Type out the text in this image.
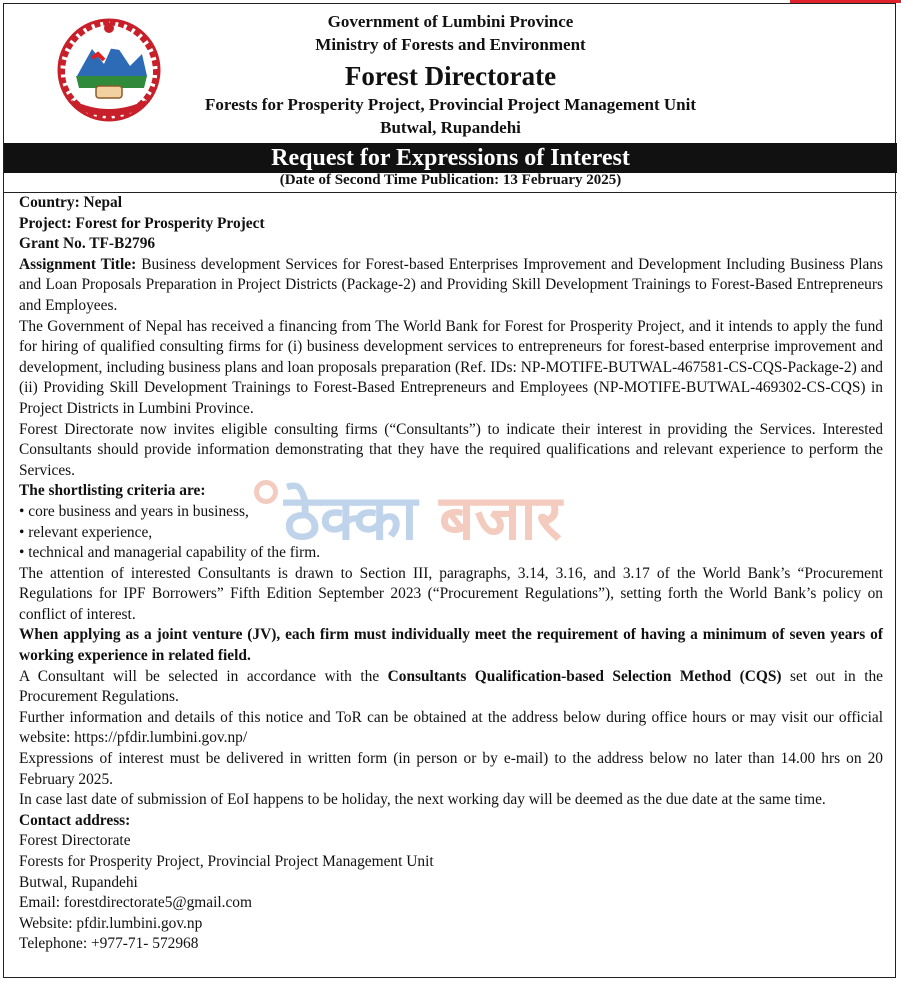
Government of Lumbini Province
Ministry of Forests and Environment
Forest Directorate
Forests for Prosperity Project, Provincial Project Management Unit
Butwal, Rupandehi
Request for Expressions of Interest
(Date of Second Time Publication: 13 February 2025)

Country: Nepal

Project: Forest for Prosperity Project

Grant No. TF-B2796

Assignment Title: Business development Services for Forest-based Enterprises Improvement and Development Including Business Plans and Loan Proposals Preparation in Project Districts (Package-2) and Providing Skill Development Trainings to Forest-Based Entrepreneurs and Employees.

The Government of Nepal has received a financing from The World Bank for Forest for Prosperity Project, and it intends to apply the fund for hiring of qualified consulting firms for (i) business development services to entrepreneurs for forest-based enterprise improvement and development, including business plans and loan proposals preparation (Ref. IDs: NP-MOTIFE-BUTWAL-467581-CS-CQS-Package-2) and (ii) Providing Skill Development Trainings to Forest-Based Entrepreneurs and Employees (NP-MOTIFE-BUTWAL-469302-CS-CQS) in Project Districts in Lumbini Province.

Forest Directorate now invites eligible consulting firms (“Consultants”) to indicate their interest in providing the Services. Interested Consultants should provide information demonstrating that they have the required qualifications and relevant experience to perform the Services.

The shortlisting criteria are:

• core business and years in business,

• relevant experience,

• technical and managerial capability of the firm.

The attention of interested Consultants is drawn to Section III, paragraphs, 3.14, 3.16, and 3.17 of the World Bank’s “Procurement Regulations for IPF Borrowers” Fifth Edition September 2023 (“Procurement Regulations”), setting forth the World Bank’s policy on conflict of interest.

When applying as a joint venture (JV), each firm must individually meet the requirement of having a minimum of seven years of working experience in related field.

A Consultant will be selected in accordance with the Consultants Qualification-based Selection Method (CQS) set out in the Procurement Regulations.

Further information and details of this notice and ToR can be obtained at the address below during office hours or may visit our official website: https://pfdir.lumbini.gov.np/

Expressions of interest must be delivered in written form (in person or by e-mail) to the address below no later than 14.00 hrs on 20 February 2025.

In case last date of submission of EoI happens to be holiday, the next working day will be deemed as the due date at the same time.

Contact address:

Forest Directorate

Forests for Prosperity Project, Provincial Project Management Unit

Butwal, Rupandehi

Email: forestdirectorate5@gmail.com

Website: pfdir.lumbini.gov.np

Telephone: +977-71- 572968

ठेक्का बजार
